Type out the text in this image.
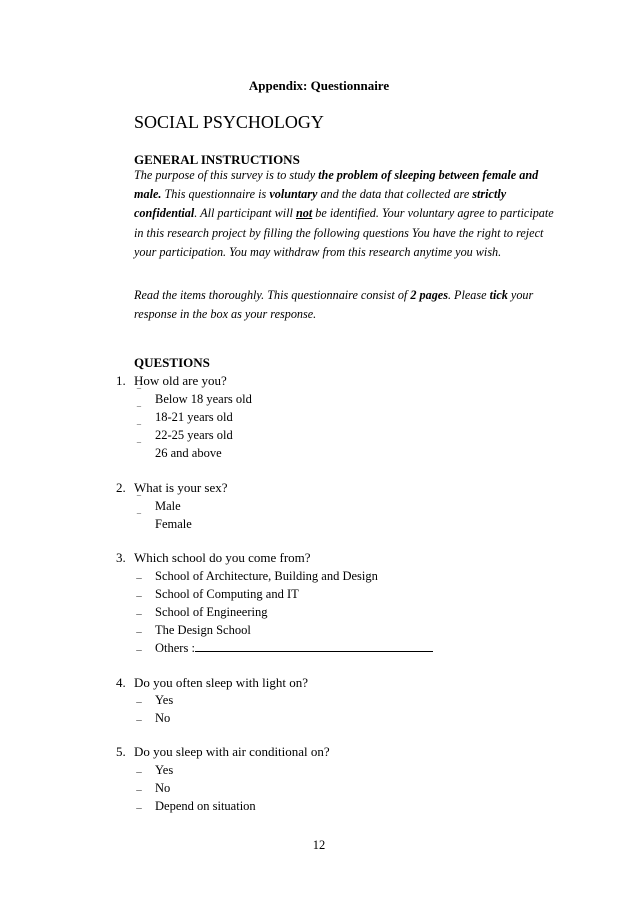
Appendix: Questionnaire
SOCIAL PSYCHOLOGY
GENERAL INSTRUCTIONS
The purpose of this survey is to study the problem of sleeping between female and male. This questionnaire is voluntary and the data that collected are strictly confidential. All participant will not be identified. Your voluntary agree to participate in this research project by filling the following questions You have the right to reject your participation. You may withdraw from this research anytime you wish.
Read the items thoroughly. This questionnaire consist of 2 pages. Please tick your response in the box as your response.
QUESTIONS
1. How old are you?
‾ Below 18 years old
‾ 18-21 years old
‾ 22-25 years old
‾ 26 and above
2. What is your sex?
‾ Male
‾ Female
3. Which school do you come from?
_ School of Architecture, Building and Design
_ School of Computing and IT
_ School of Engineering
_ The Design School
_ Others :
4. Do you often sleep with light on?
_ Yes
_ No
5. Do you sleep with air conditional on?
_ Yes
_ No
_ Depend on situation
12
